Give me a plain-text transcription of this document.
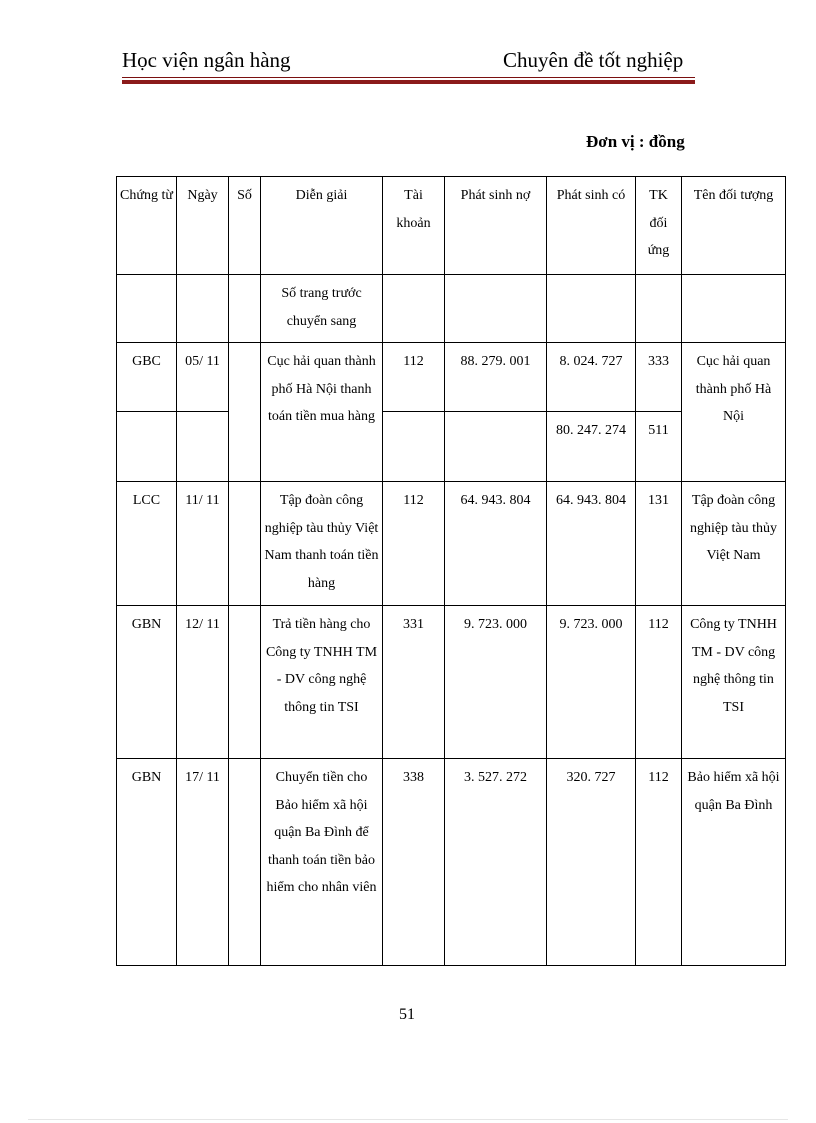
Học viện ngân hàng	Chuyên đề tốt nghiệp
Đơn vị : đồng
Chứng từ	Ngày	Số	Diễn giải	Tài khoản	Phát sinh nợ	Phát sinh có	TK đối ứng	Tên đối tượng
			Số trang trước chuyển sang					
GBC	05/ 11		Cục hải quan thành phố Hà Nội thanh toán tiền mua hàng	112	88. 279. 001	8. 024. 727	333	Cục hải quan thành phố Hà Nội
						80. 247. 274	511	
LCC	11/ 11		Tập đoàn công nghiệp tàu thủy Việt Nam thanh toán tiền hàng	112	64. 943. 804	64. 943. 804	131	Tập đoàn công nghiệp tàu thủy Việt Nam
GBN	12/ 11		Trả tiền hàng cho Công ty TNHH TM - DV công nghệ thông tin TSI	331	9. 723. 000	9. 723. 000	112	Công ty TNHH TM - DV công nghệ thông tin TSI
GBN	17/ 11		Chuyển tiền cho Bảo hiểm xã hội quận Ba Đình để thanh toán tiền bảo hiểm cho nhân viên	338	3. 527. 272	320. 727	112	Bảo hiểm xã hội quận Ba Đình
51
